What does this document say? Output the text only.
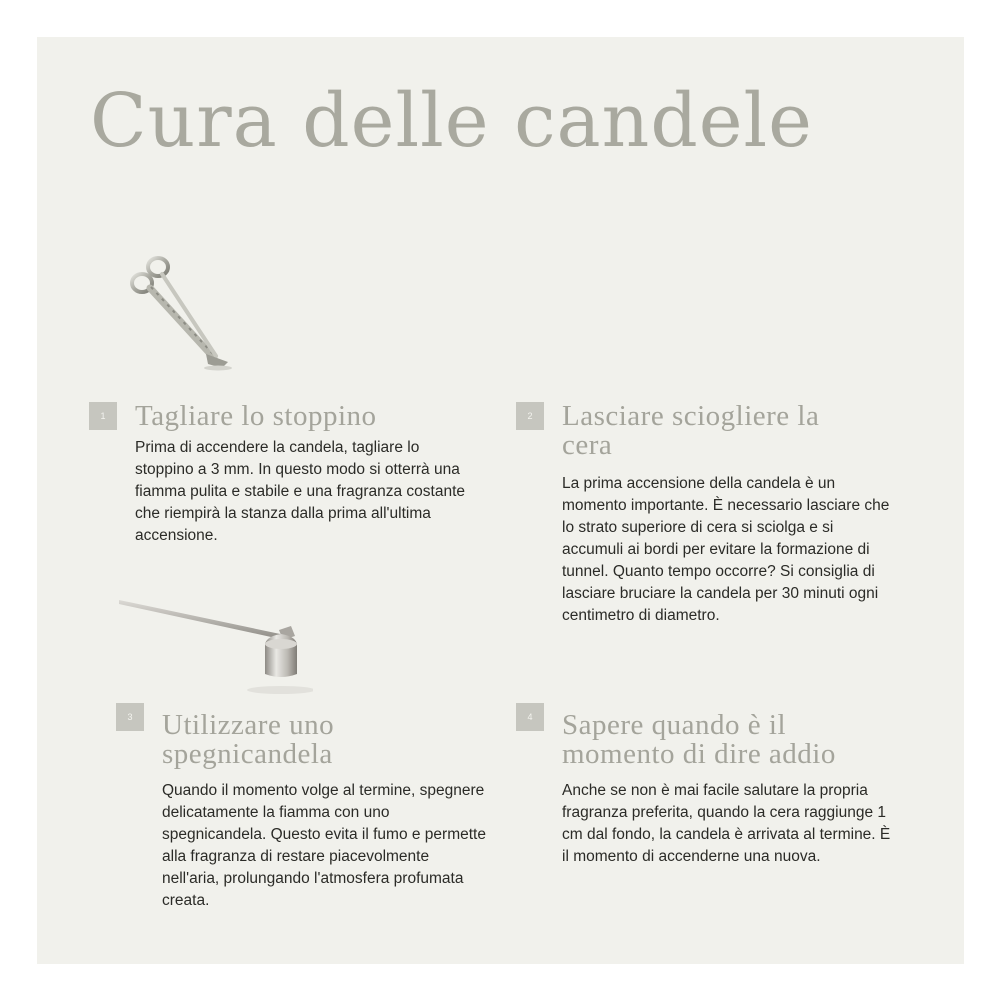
Cura delle candele
1	Tagliare lo stoppino

Prima di accendere la candela, tagliare lo stoppino a 3 mm. In questo modo si otterrà una fiamma pulita e stabile e una fragranza costante che riempirà la stanza dalla prima all'ultima accensione.

2	Lasciare sciogliere la cera

La prima accensione della candela è un momento importante. È necessario lasciare che lo strato superiore di cera si sciolga e si accumuli ai bordi per evitare la formazione di tunnel. Quanto tempo occorre? Si consiglia di lasciare bruciare la candela per 30 minuti ogni centimetro di diametro.

3	Utilizzare uno spegnicandela

Quando il momento volge al termine, spegnere delicatamente la fiamma con uno spegnicandela. Questo evita il fumo e permette alla fragranza di restare piacevolmente nell'aria, prolungando l'atmosfera profumata creata.

4	Sapere quando è il momento di dire addio

Anche se non è mai facile salutare la propria fragranza preferita, quando la cera raggiunge 1 cm dal fondo, la candela è arrivata al termine. È il momento di accenderne una nuova.
